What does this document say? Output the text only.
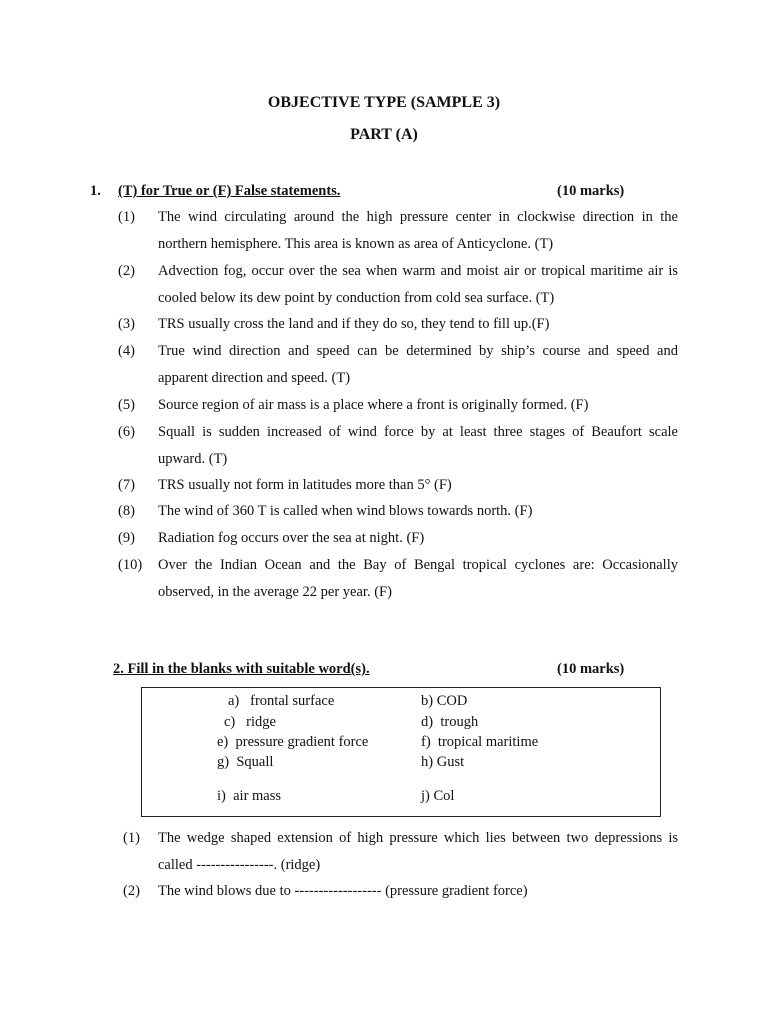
OBJECTIVE TYPE (SAMPLE 3)
PART (A)
1. (T) for True or (F) False statements.	(10 marks)
(1) The wind circulating around the high pressure center in clockwise direction in the northern hemisphere. This area is known as area of Anticyclone. (T)
(2) Advection fog, occur over the sea when warm and moist air or tropical maritime air is cooled below its dew point by conduction from cold sea surface. (T)
(3) TRS usually cross the land and if they do so, they tend to fill up.(F)
(4) True wind direction and speed can be determined by ship’s course and speed and apparent direction and speed. (T)
(5) Source region of air mass is a place where a front is originally formed. (F)
(6) Squall is sudden increased of wind force by at least three stages of Beaufort scale upward. (T)
(7) TRS usually not form in latitudes more than 5° (F)
(8) The wind of 360 T is called when wind blows towards north. (F)
(9) Radiation fog occurs over the sea at night. (F)
(10) Over the Indian Ocean and the Bay of Bengal tropical cyclones are: Occasionally observed, in the average 22 per year. (F)
2. Fill in the blanks with suitable word(s).	(10 marks)
a) frontal surface	b) COD
c) ridge	d) trough
e) pressure gradient force	f) tropical maritime
g) Squall	h) Gust
i) air mass	j) Col
(1) The wedge shaped extension of high pressure which lies between two depressions is called ----------------. (ridge)
(2) The wind blows due to ------------------ (pressure gradient force)
